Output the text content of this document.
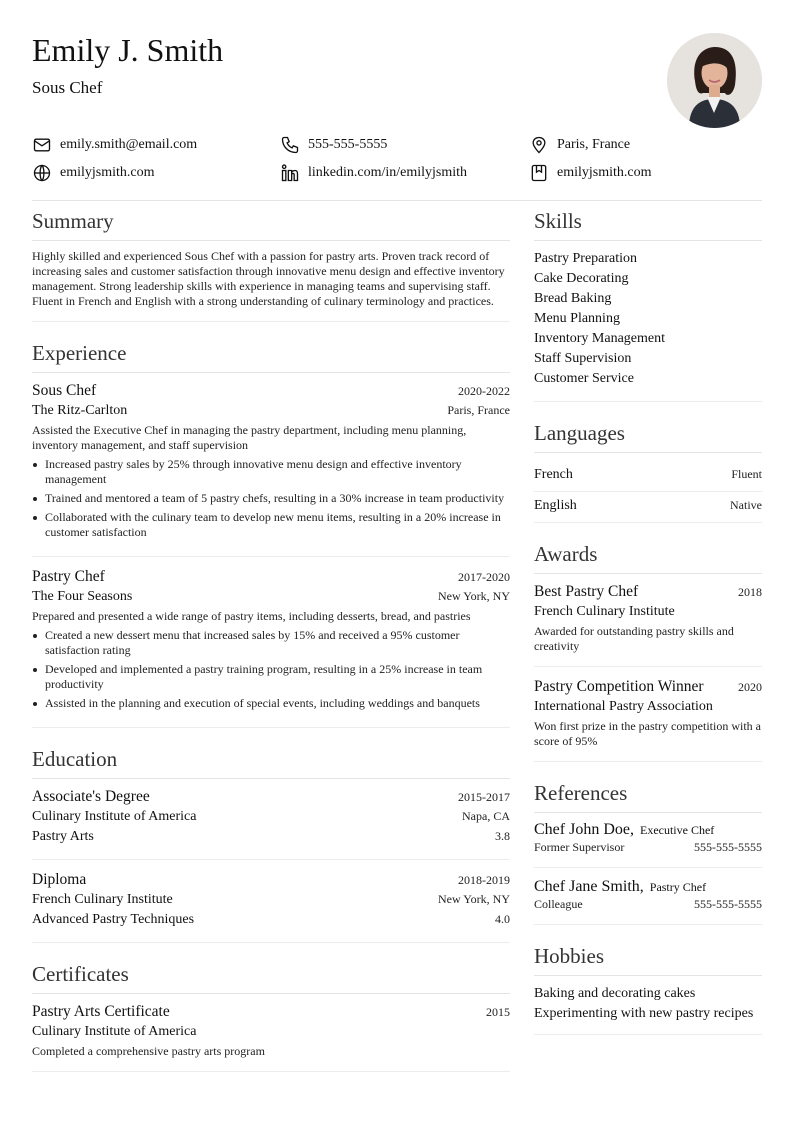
Emily J. Smith
Sous Chef
emily.smith@email.com	555-555-5555	Paris, France
emilyjsmith.com	linkedin.com/in/emilyjsmith	emilyjsmith.com
Summary
Highly skilled and experienced Sous Chef with a passion for pastry arts. Proven track record of increasing sales and customer satisfaction through innovative menu design and effective inventory management. Strong leadership skills with experience in managing teams and supervising staff. Fluent in French and English with a strong understanding of culinary terminology and practices.
Experience
Sous Chef	2020-2022
The Ritz-Carlton	Paris, France
Assisted the Executive Chef in managing the pastry department, including menu planning, inventory management, and staff supervision
Increased pastry sales by 25% through innovative menu design and effective inventory management
Trained and mentored a team of 5 pastry chefs, resulting in a 30% increase in team productivity
Collaborated with the culinary team to develop new menu items, resulting in a 20% increase in customer satisfaction
Pastry Chef	2017-2020
The Four Seasons	New York, NY
Prepared and presented a wide range of pastry items, including desserts, bread, and pastries
Created a new dessert menu that increased sales by 15% and received a 95% customer satisfaction rating
Developed and implemented a pastry training program, resulting in a 25% increase in team productivity
Assisted in the planning and execution of special events, including weddings and banquets
Education
Associate's Degree	2015-2017
Culinary Institute of America	Napa, CA
Pastry Arts	3.8
Diploma	2018-2019
French Culinary Institute	New York, NY
Advanced Pastry Techniques	4.0
Certificates
Pastry Arts Certificate	2015
Culinary Institute of America
Completed a comprehensive pastry arts program
Skills
Pastry Preparation
Cake Decorating
Bread Baking
Menu Planning
Inventory Management
Staff Supervision
Customer Service
Languages
French	Fluent
English	Native
Awards
Best Pastry Chef	2018
French Culinary Institute
Awarded for outstanding pastry skills and creativity
Pastry Competition Winner	2020
International Pastry Association
Won first prize in the pastry competition with a score of 95%
References
Chef John Doe, Executive Chef
Former Supervisor	555-555-5555
Chef Jane Smith, Pastry Chef
Colleague	555-555-5555
Hobbies
Baking and decorating cakes
Experimenting with new pastry recipes
